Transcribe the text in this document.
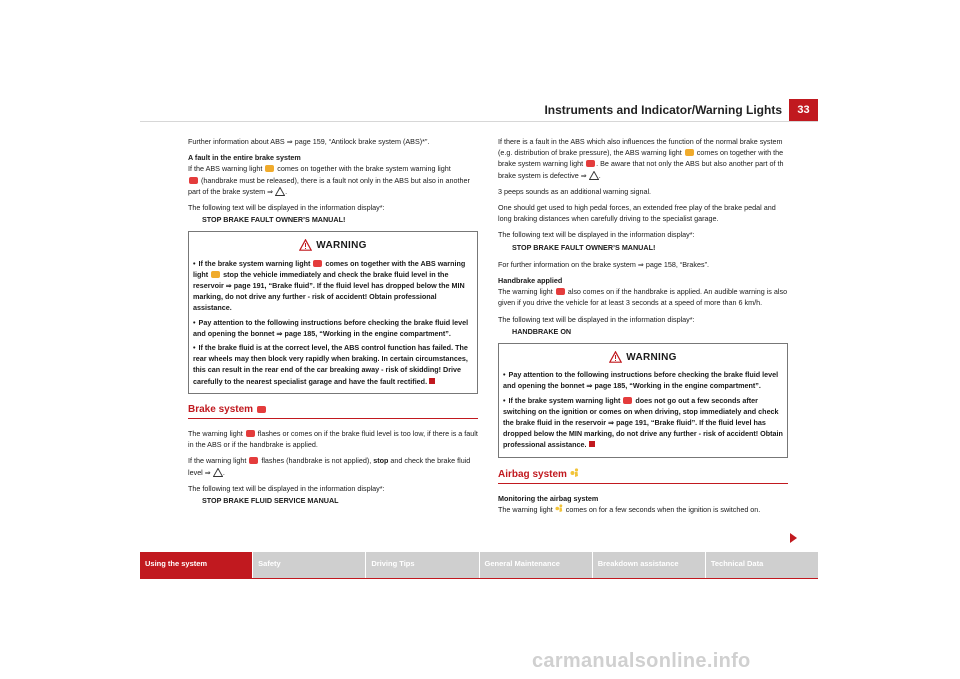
Instruments and Indicator/Warning Lights	33

Further information about ABS ⇒ page 159, “Antilock brake system (ABS)*”.

A fault in the entire brake system

If the ABS warning light  comes on together with the brake system warning light
(handbrake must be released), there is a fault not only in the ABS but also in another part of the brake system ⇒ .

The following text will be displayed in the information display*:

STOP BRAKE FAULT OWNER’S MANUAL!

WARNING
• If the brake system warning light  comes on together with the ABS warning light  stop the vehicle immediately and check the brake fluid level in the reservoir ⇒ page 191, “Brake fluid”. If the fluid level has dropped below the MIN marking, do not drive any further - risk of accident! Obtain professional assistance.
• Pay attention to the following instructions before checking the brake fluid level and opening the bonnet ⇒ page 185, “Working in the engine compartment”.
• If the brake fluid is at the correct level, the ABS control function has failed. The rear wheels may then block very rapidly when braking. In certain circumstances, this can result in the rear end of the car breaking away - risk of skidding! Drive carefully to the nearest specialist garage and have the fault rectified.
Brake system

The warning light  flashes or comes on if the brake fluid level is too low, if there is a fault in the ABS or if the handbrake is applied.

If the warning light  flashes (handbrake is not applied), stop and check the brake fluid level ⇒ .

The following text will be displayed in the information display*:

STOP BRAKE FLUID SERVICE MANUAL

If there is a fault in the ABS which also influences the function of the normal brake system (e.g. distribution of brake pressure), the ABS warning light  comes on together with the brake system warning light . Be aware that not only the ABS but also another part of th brake system is defective ⇒ .

3 peeps sounds as an additional warning signal.

One should get used to high pedal forces, an extended free play of the brake pedal and long braking distances when carefully driving to the specialist garage.

The following text will be displayed in the information display*:

STOP BRAKE FAULT OWNER’S MANUAL!

For further information on the brake system ⇒ page 158, “Brakes”.

Handbrake applied

The warning light  also comes on if the handbrake is applied. An audible warning is also given if you drive the vehicle for at least 3 seconds at a speed of more than 6 km/h.

The following text will be displayed in the information display*:

HANDBRAKE ON

WARNING
• Pay attention to the following instructions before checking the brake fluid level and opening the bonnet ⇒ page 185, “Working in the engine compartment”.
• If the brake system warning light  does not go out a few seconds after switching on the ignition or comes on when driving, stop immediately and check the brake fluid in the reservoir ⇒ page 191, “Brake fluid”. If the fluid level has dropped below the MIN marking, do not drive any further - risk of accident! Obtain professional assistance.
Airbag system

Monitoring the airbag system

The warning light  comes on for a few seconds when the ignition is switched on.

Using the system	Safety	Driving Tips	General Maintenance	Breakdown assistance	Technical Data
carmanualsonline.info
